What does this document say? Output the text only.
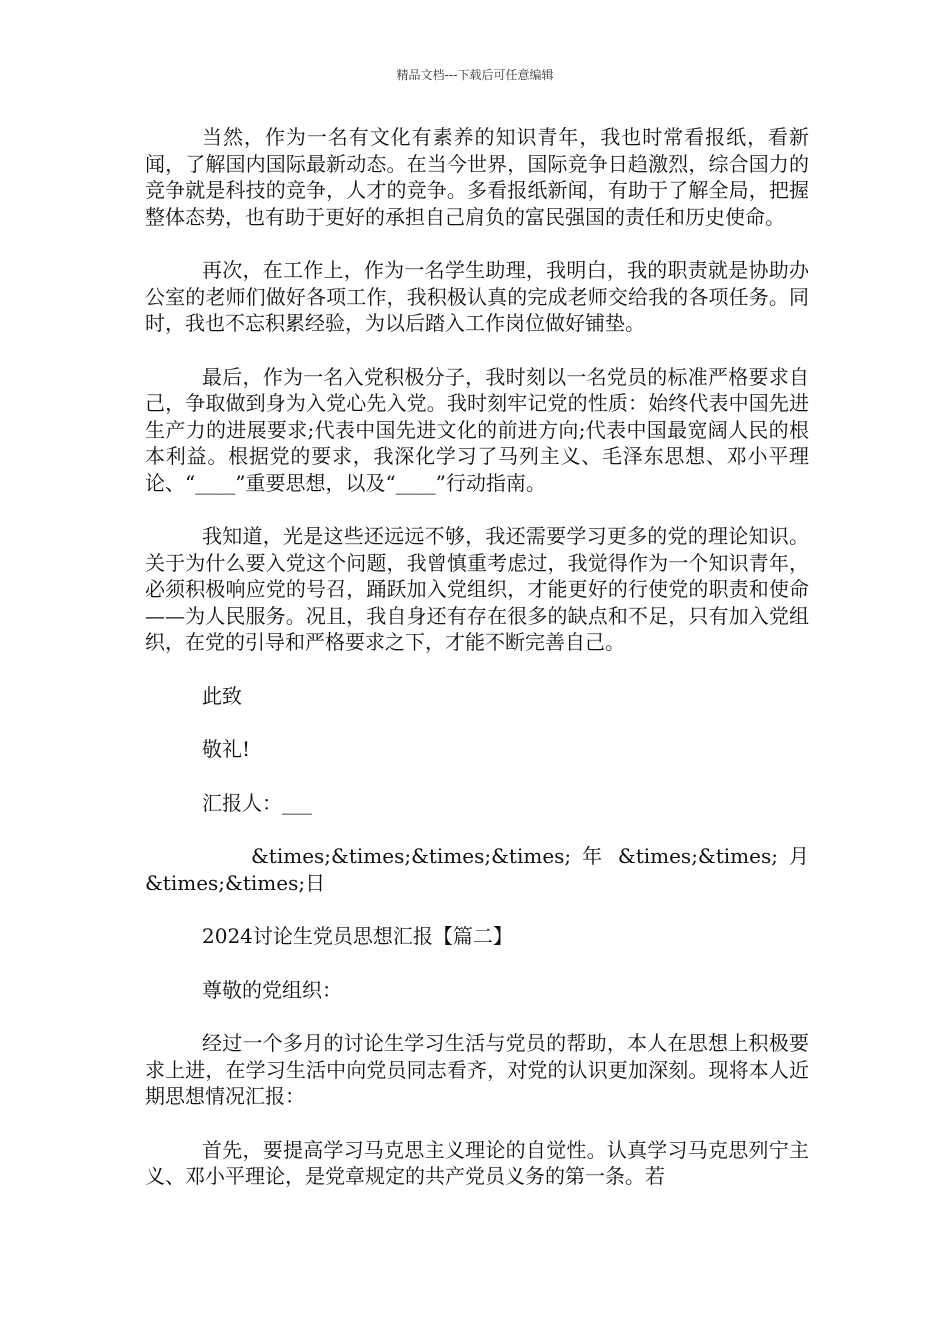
精品文档---下载后可任意编辑

当然，作为一名有文化有素养的知识青年，我也时常看报纸，看新闻，了解国内国际最新动态。在当今世界，国际竞争日趋激烈，综合国力的竞争就是科技的竞争，人才的竞争。多看报纸新闻，有助于了解全局，把握整体态势，也有助于更好的承担自己肩负的富民强国的责任和历史使命。

再次，在工作上，作为一名学生助理，我明白，我的职责就是协助办公室的老师们做好各项工作，我积极认真的完成老师交给我的各项任务。同时，我也不忘积累经验，为以后踏入工作岗位做好铺垫。

最后，作为一名入党积极分子，我时刻以一名党员的标准严格要求自己，争取做到身为入党心先入党。我时刻牢记党的性质：始终代表中国先进生产力的进展要求;代表中国先进文化的前进方向;代表中国最宽阔人民的根本利益。根据党的要求，我深化学习了马列主义、毛泽东思想、邓小平理论、“____”重要思想，以及“____”行动指南。

我知道，光是这些还远远不够，我还需要学习更多的党的理论知识。关于为什么要入党这个问题，我曾慎重考虑过，我觉得作为一个知识青年，必须积极响应党的号召，踊跃加入党组织，才能更好的行使党的职责和使命——为人民服务。况且，我自身还有存在很多的缺点和不足，只有加入党组织，在党的引导和严格要求之下，才能不断完善自己。

此致

敬礼!

汇报人：___

&times;&times;&times;&times; 年 &times;&times; 月 &times;&times;日

2024讨论生党员思想汇报【篇二】

尊敬的党组织：

经过一个多月的讨论生学习生活与党员的帮助，本人在思想上积极要求上进，在学习生活中向党员同志看齐，对党的认识更加深刻。现将本人近期思想情况汇报：

首先，要提高学习马克思主义理论的自觉性。认真学习马克思列宁主义、邓小平理论，是党章规定的共产党员义务的第一条。若
